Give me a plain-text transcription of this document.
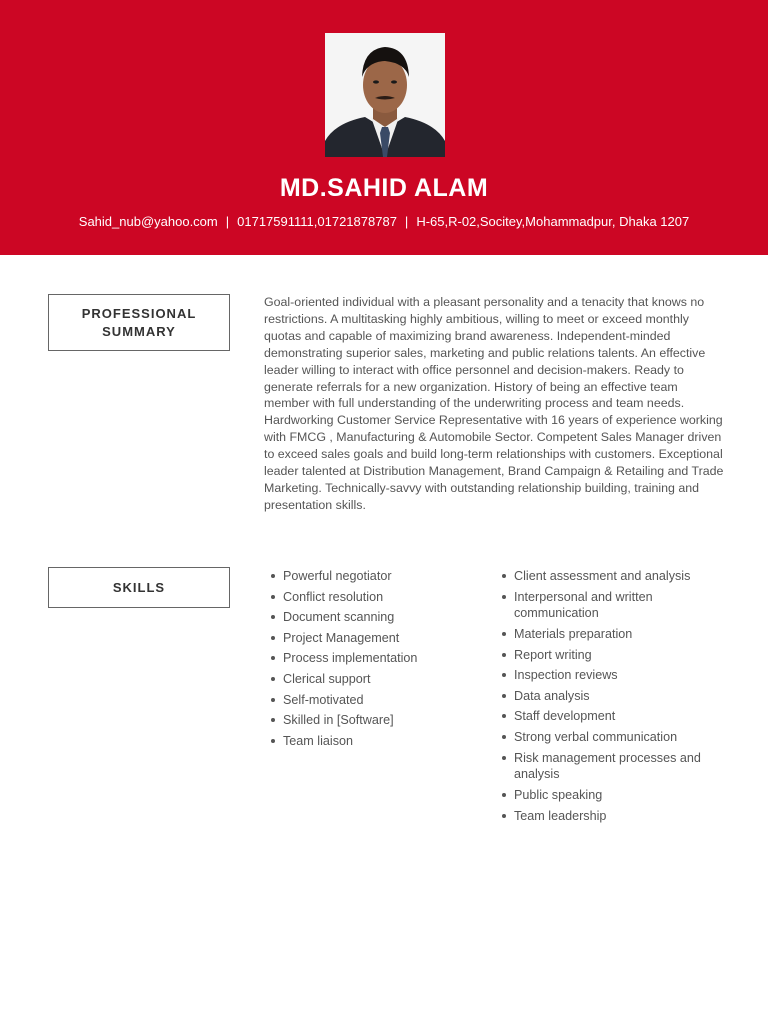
MD.SAHID ALAM
Sahid_nub@yahoo.com | 01717591111,01721878787 | H-65,R-02,Socitey,Mohammadpur, Dhaka 1207
PROFESSIONAL
SUMMARY
Goal-oriented individual with a pleasant personality and a tenacity that knows no restrictions. A multitasking highly ambitious, willing to meet or exceed monthly quotas and capable of maximizing brand awareness. Independent-minded demonstrating superior sales, marketing and public relations talents. An effective leader willing to interact with office personnel and decision-makers. Ready to generate referrals for a new organization. History of being an effective team member with full understanding of the underwriting process and team needs. Hardworking Customer Service Representative with 16 years of experience working with FMCG , Manufacturing & Automobile Sector. Competent Sales Manager driven to exceed sales goals and build long-term relationships with customers. Exceptional leader talented at Distribution Management, Brand Campaign & Retailing and Trade Marketing. Technically-savvy with outstanding relationship building, training and presentation skills.
SKILLS
Powerful negotiator
Conflict resolution
Document scanning
Project Management
Process implementation
Clerical support
Self-motivated
Skilled in [Software]
Team liaison
Client assessment and analysis
Interpersonal and written communication
Materials preparation
Report writing
Inspection reviews
Data analysis
Staff development
Strong verbal communication
Risk management processes and analysis
Public speaking
Team leadership
